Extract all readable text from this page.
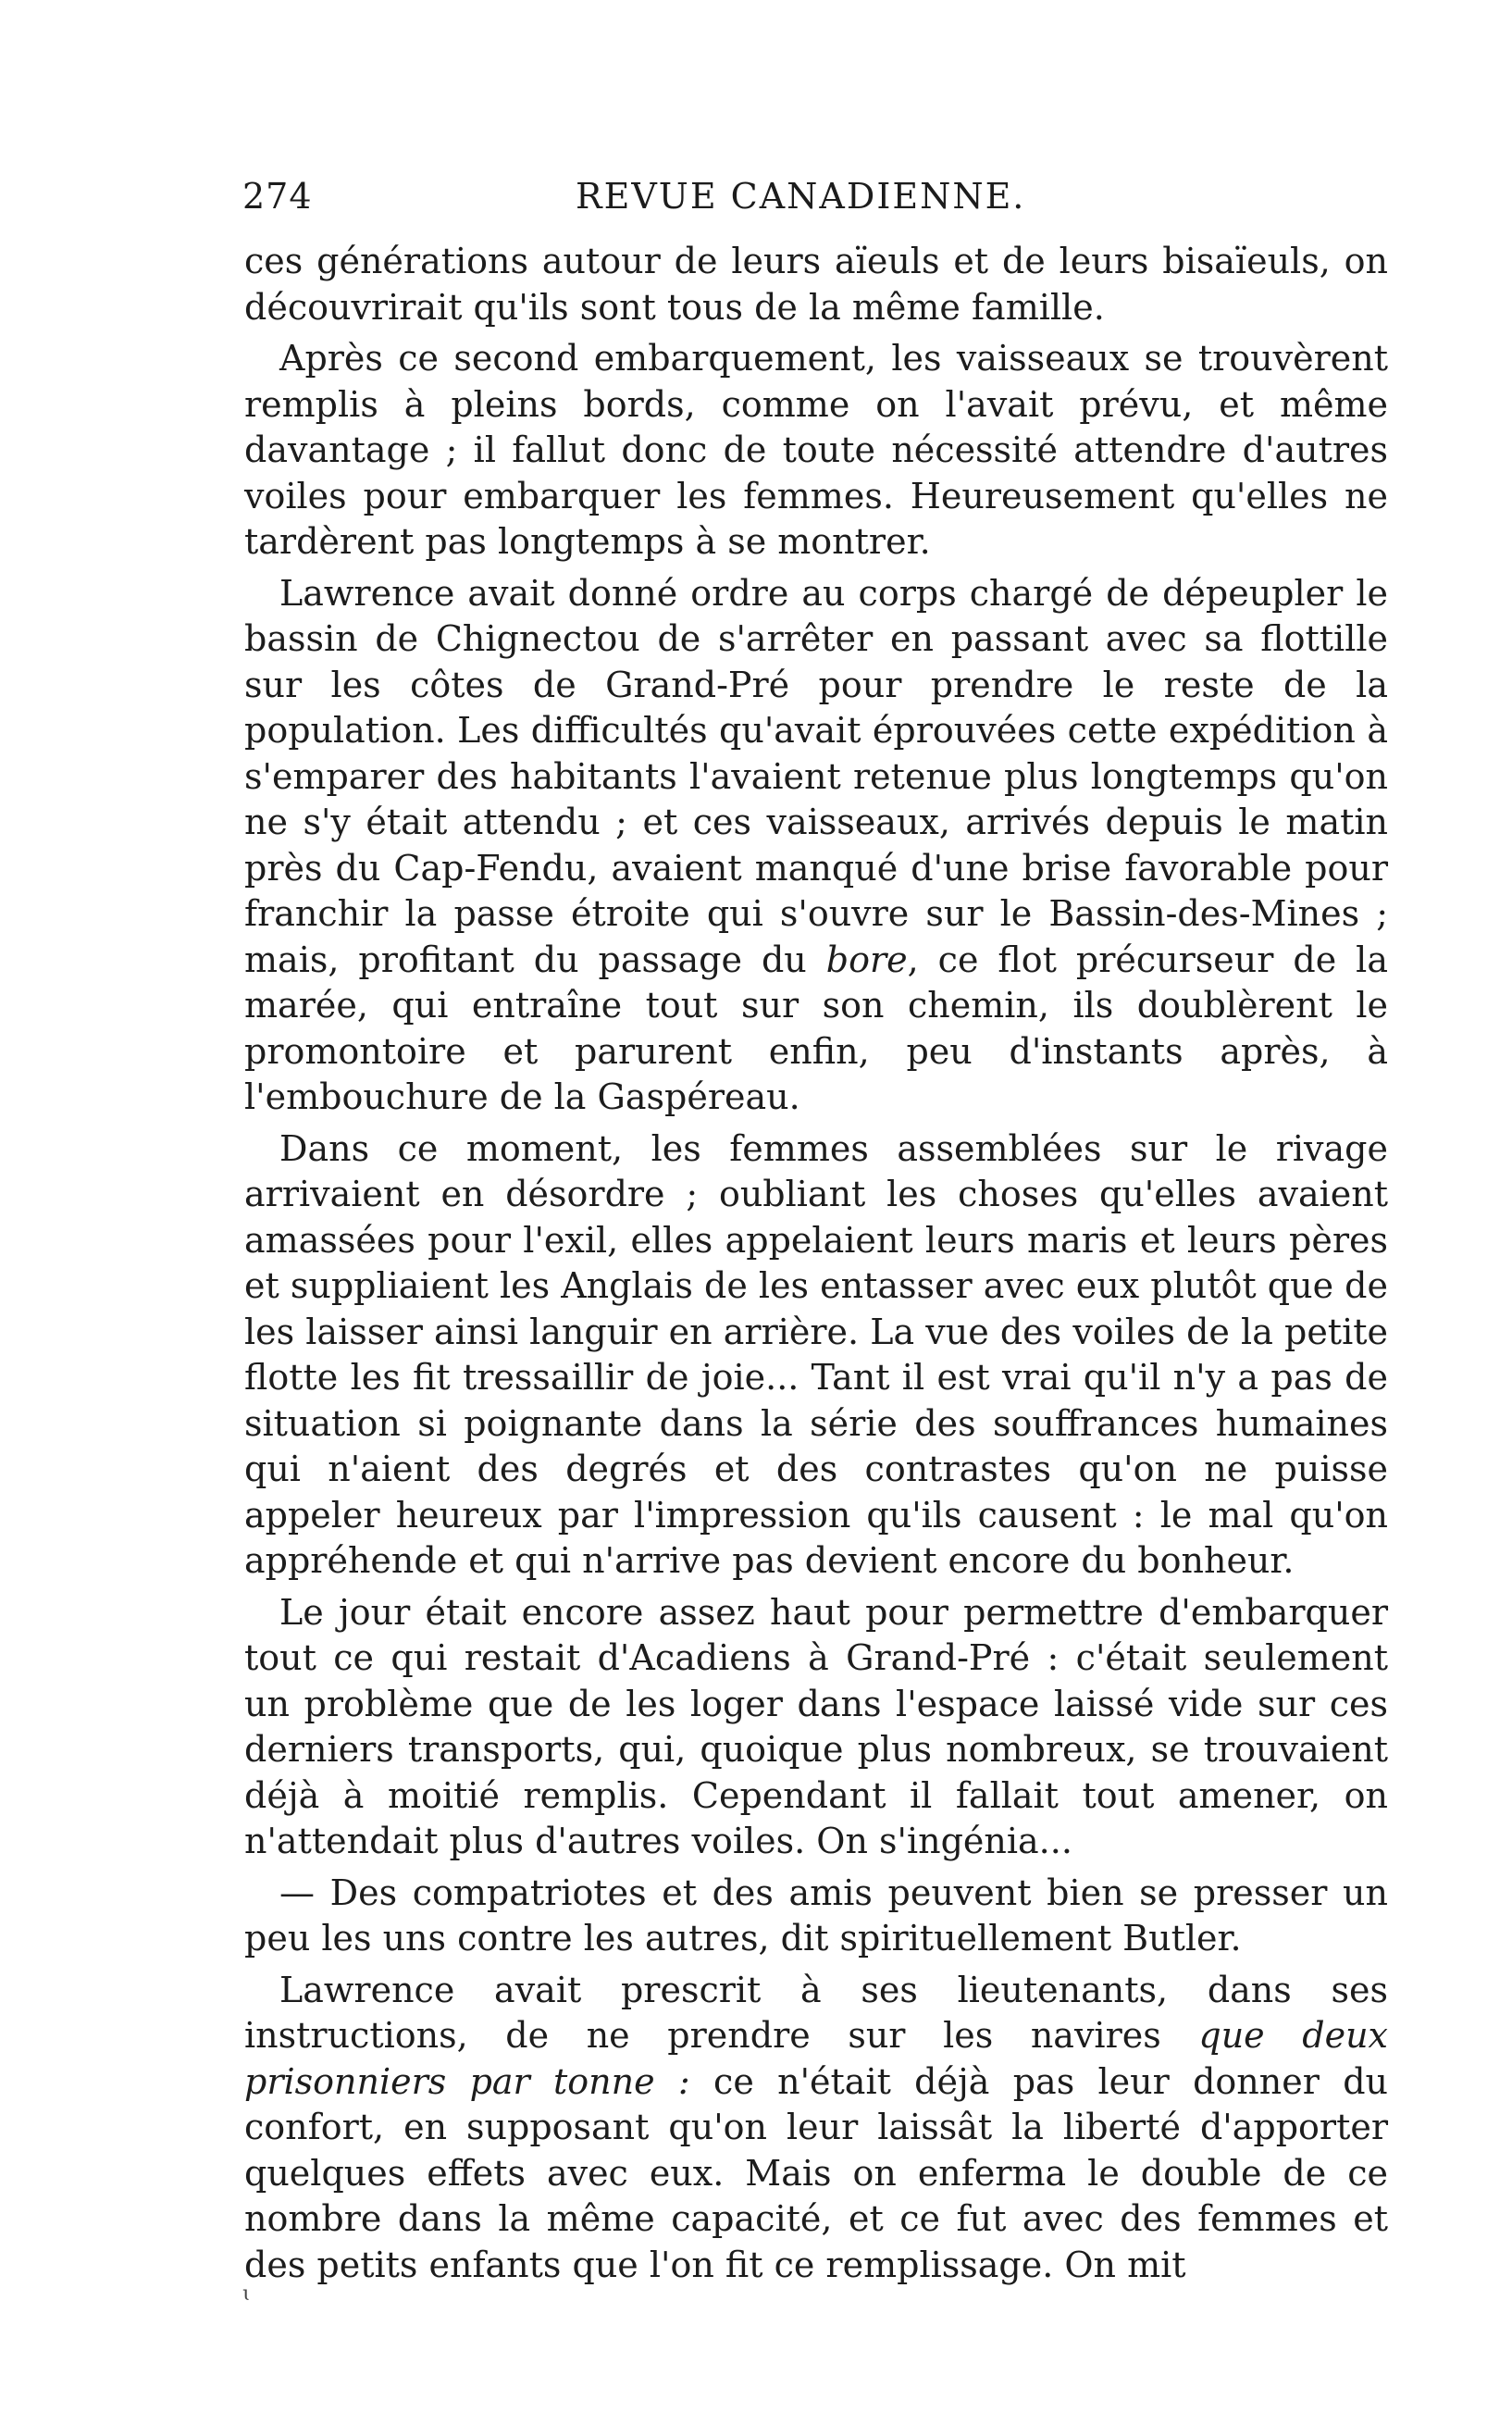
274	REVUE CANADIENNE.

ces générations autour de leurs aïeuls et de leurs bisaïeuls, on découvrirait qu'ils sont tous de la même famille.

Après ce second embarquement, les vaisseaux se trouvèrent remplis à pleins bords, comme on l'avait prévu, et même davantage ; il fallut donc de toute nécessité attendre d'autres voiles pour embarquer les femmes. Heureusement qu'elles ne tardèrent pas longtemps à se montrer.

Lawrence avait donné ordre au corps chargé de dépeupler le bassin de Chignectou de s'arrêter en passant avec sa flottille sur les côtes de Grand-Pré pour prendre le reste de la population. Les difficultés qu'avait éprouvées cette expédition à s'emparer des habitants l'avaient retenue plus longtemps qu'on ne s'y était attendu ; et ces vaisseaux, arrivés depuis le matin près du Cap-Fendu, avaient manqué d'une brise favorable pour franchir la passe étroite qui s'ouvre sur le Bassin-des-Mines ; mais, profitant du passage du bore, ce flot précurseur de la marée, qui entraîne tout sur son chemin, ils doublèrent le promontoire et parurent enfin, peu d'instants après, à l'embouchure de la Gaspéreau.

Dans ce moment, les femmes assemblées sur le rivage arrivaient en désordre ; oubliant les choses qu'elles avaient amassées pour l'exil, elles appelaient leurs maris et leurs pères et suppliaient les Anglais de les entasser avec eux plutôt que de les laisser ainsi languir en arrière. La vue des voiles de la petite flotte les fit tressaillir de joie... Tant il est vrai qu'il n'y a pas de situation si poignante dans la série des souffrances humaines qui n'aient des degrés et des contrastes qu'on ne puisse appeler heureux par l'impression qu'ils causent : le mal qu'on appréhende et qui n'arrive pas devient encore du bonheur.

Le jour était encore assez haut pour permettre d'embarquer tout ce qui restait d'Acadiens à Grand-Pré : c'était seulement un problème que de les loger dans l'espace laissé vide sur ces derniers transports, qui, quoique plus nombreux, se trouvaient déjà à moitié remplis. Cependant il fallait tout amener, on n'attendait plus d'autres voiles. On s'ingénia...

— Des compatriotes et des amis peuvent bien se presser un peu les uns contre les autres, dit spirituellement Butler.

Lawrence avait prescrit à ses lieutenants, dans ses instructions, de ne prendre sur les navires que deux prisonniers par tonne : ce n'était déjà pas leur donner du confort, en supposant qu'on leur laissât la liberté d'apporter quelques effets avec eux. Mais on enferma le double de ce nombre dans la même capacité, et ce fut avec des femmes et des petits enfants que l'on fit ce remplissage. On mit

ɩ
